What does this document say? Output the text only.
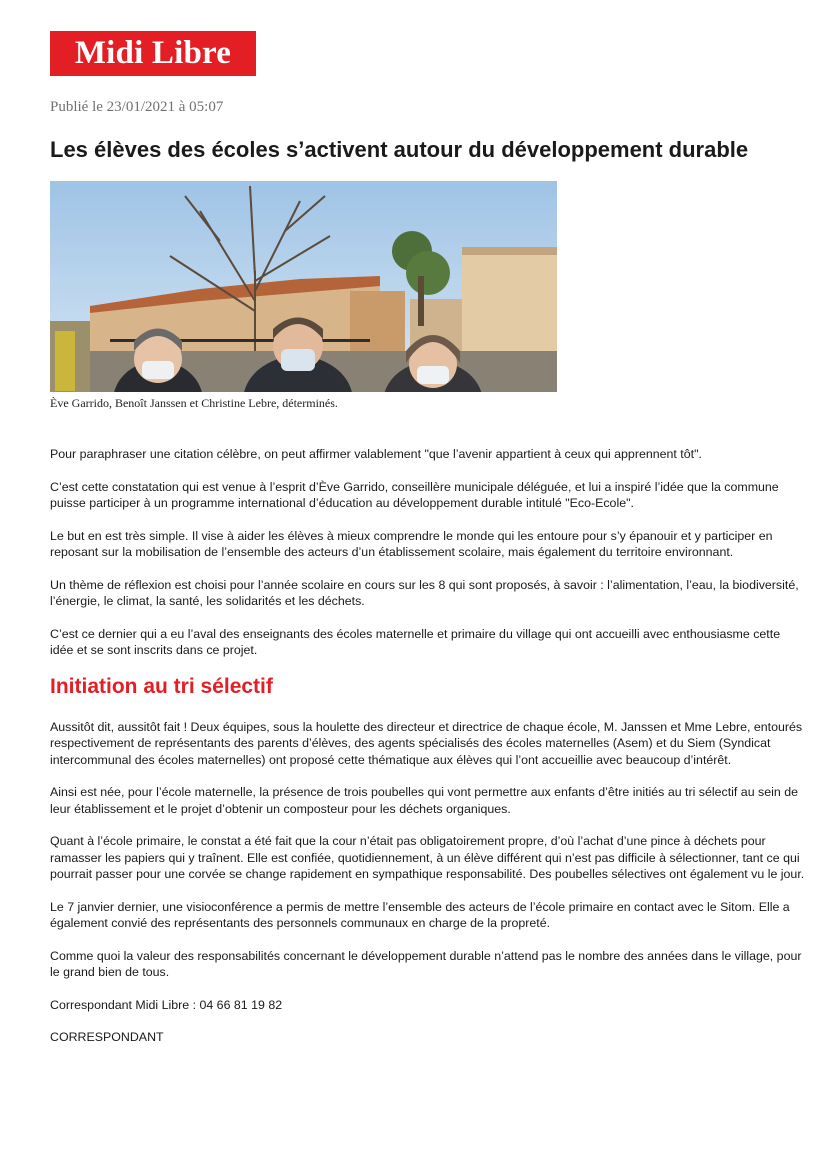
Midi Libre
Publié le 23/01/2021 à 05:07
Les élèves des écoles s’activent autour du développement durable
Ève Garrido, Benoît Janssen et Christine Lebre, déterminés.

Pour paraphraser une citation célèbre, on peut affirmer valablement "que l’avenir appartient à ceux qui apprennent tôt".

C’est cette constatation qui est venue à l’esprit d’Ève Garrido, conseillère municipale déléguée, et lui a inspiré l’idée que la commune puisse participer à un programme international d’éducation au développement durable intitulé "Eco-Ecole".

Le but en est très simple. Il vise à aider les élèves à mieux comprendre le monde qui les entoure pour s’y épanouir et y participer en reposant sur la mobilisation de l’ensemble des acteurs d’un établissement scolaire, mais également du territoire environnant.

Un thème de réflexion est choisi pour l’année scolaire en cours sur les 8 qui sont proposés, à savoir : l’alimentation, l’eau, la biodiversité, l’énergie, le climat, la santé, les solidarités et les déchets.

C’est ce dernier qui a eu l’aval des enseignants des écoles maternelle et primaire du village qui ont accueilli avec enthousiasme cette idée et se sont inscrits dans ce projet.

Initiation au tri sélectif

Aussitôt dit, aussitôt fait ! Deux équipes, sous la houlette des directeur et directrice de chaque école, M. Janssen et Mme Lebre, entourés respectivement de représentants des parents d’élèves, des agents spécialisés des écoles maternelles (Asem) et du Siem (Syndicat intercommunal des écoles maternelles) ont proposé cette thématique aux élèves qui l’ont accueillie avec beaucoup d’intérêt.

Ainsi est née, pour l’école maternelle, la présence de trois poubelles qui vont permettre aux enfants d’être initiés au tri sélectif au sein de leur établissement et le projet d’obtenir un composteur pour les déchets organiques.

Quant à l’école primaire, le constat a été fait que la cour n’était pas obligatoirement propre, d’où l’achat d’une pince à déchets pour ramasser les papiers qui y traînent. Elle est confiée, quotidiennement, à un élève différent qui n’est pas difficile à sélectionner, tant ce qui pourrait passer pour une corvée se change rapidement en sympathique responsabilité. Des poubelles sélectives ont également vu le jour.

Le 7 janvier dernier, une visioconférence a permis de mettre l’ensemble des acteurs de l’école primaire en contact avec le Sitom. Elle a également convié des représentants des personnels communaux en charge de la propreté.

Comme quoi la valeur des responsabilités concernant le développement durable n’attend pas le nombre des années dans le village, pour le grand bien de tous.

Correspondant Midi Libre : 04 66 81 19 82

CORRESPONDANT
